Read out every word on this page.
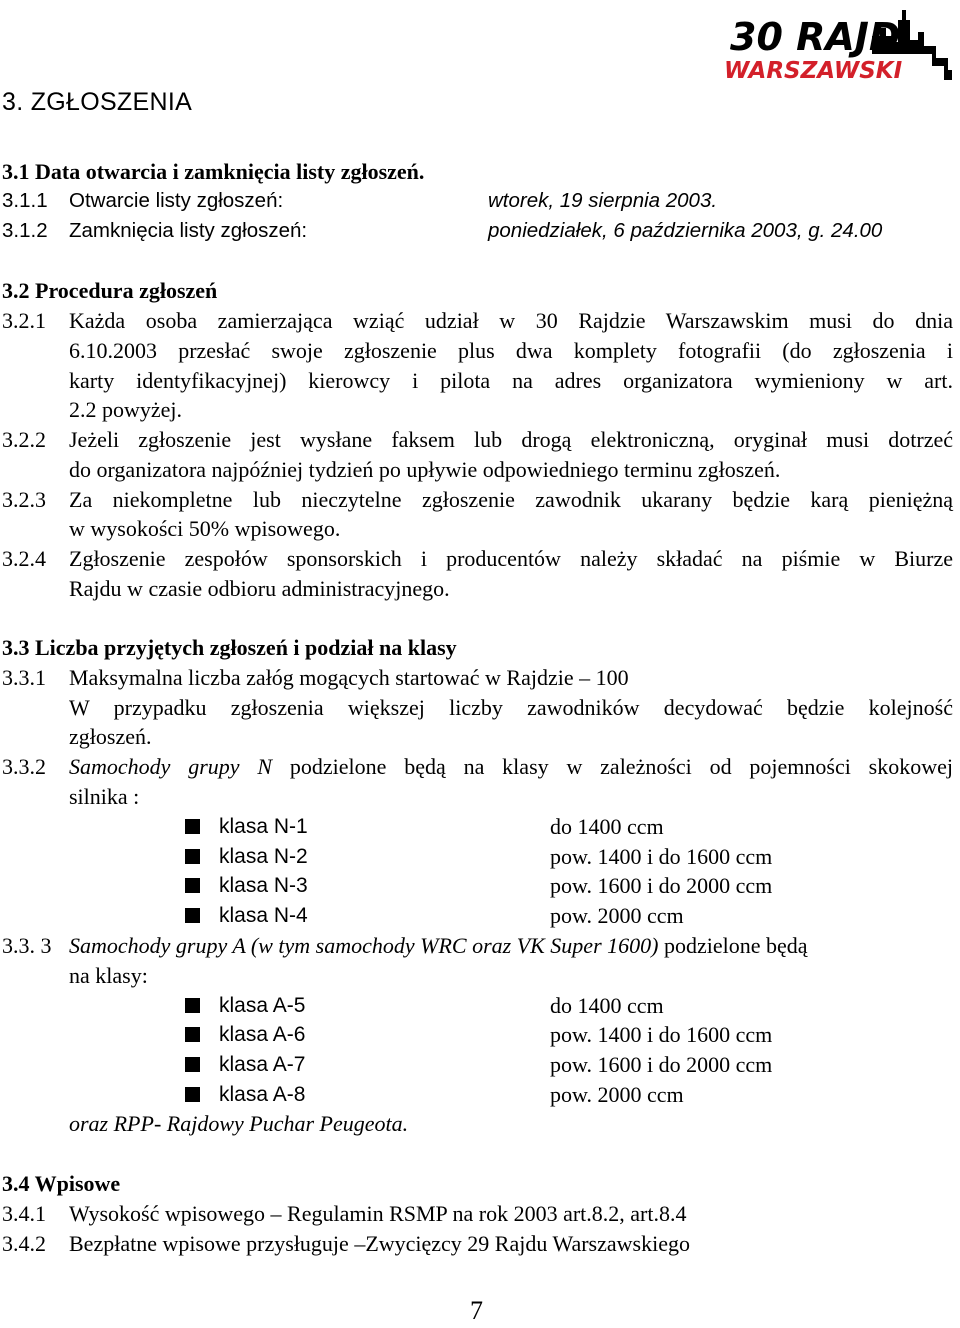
30 RAJD
WARSZAWSKI
3. ZGŁOSZENIA
3.1 Data otwarcia i zamknięcia listy zgłoszeń.
3.1.1 Otwarcie listy zgłoszeń:	wtorek, 19 sierpnia 2003.
3.1.2 Zamknięcia listy zgłoszeń:	poniedziałek, 6 października 2003, g. 24.00
3.2 Procedura zgłoszeń
3.2.1 Każda osoba zamierzająca wziąć udział w 30 Rajdzie Warszawskim musi do dnia
6.10.2003 przesłać swoje zgłoszenie plus dwa komplety fotografii (do zgłoszenia i
karty identyfikacyjnej) kierowcy i pilota na adres organizatora wymieniony w art.
2.2 powyżej.
3.2.2 Jeżeli zgłoszenie jest wysłane faksem lub drogą elektroniczną, oryginał musi dotrzeć
do organizatora najpóźniej tydzień po upływie odpowiedniego terminu zgłoszeń.
3.2.3 Za niekompletne lub nieczytelne zgłoszenie zawodnik ukarany będzie karą pieniężną
w wysokości 50% wpisowego.
3.2.4 Zgłoszenie zespołów sponsorskich i producentów należy składać na piśmie w Biurze
Rajdu w czasie odbioru administracyjnego.
3.3 Liczba przyjętych zgłoszeń i podział na klasy
3.3.1 Maksymalna liczba załóg mogących startować w Rajdzie – 100
W przypadku zgłoszenia większej liczby zawodników decydować będzie kolejność
zgłoszeń.
3.3.2 Samochody grupy N podzielone będą na klasy w zależności od pojemności skokowej
silnika :
klasa N-1	do 1400 ccm
klasa N-2	pow. 1400 i do 1600 ccm
klasa N-3	pow. 1600 i do 2000 ccm
klasa N-4	pow. 2000 ccm
3.3. 3 Samochody grupy A (w tym samochody WRC oraz VK Super 1600) podzielone będą
na klasy:
klasa A-5	do 1400 ccm
klasa A-6	pow. 1400 i do 1600 ccm
klasa A-7	pow. 1600 i do 2000 ccm
klasa A-8	pow. 2000 ccm
oraz RPP- Rajdowy Puchar Peugeota.
3.4 Wpisowe
3.4.1 Wysokość wpisowego – Regulamin RSMP na rok 2003 art.8.2, art.8.4
3.4.2 Bezpłatne wpisowe przysługuje –Zwycięzcy 29 Rajdu Warszawskiego
7
